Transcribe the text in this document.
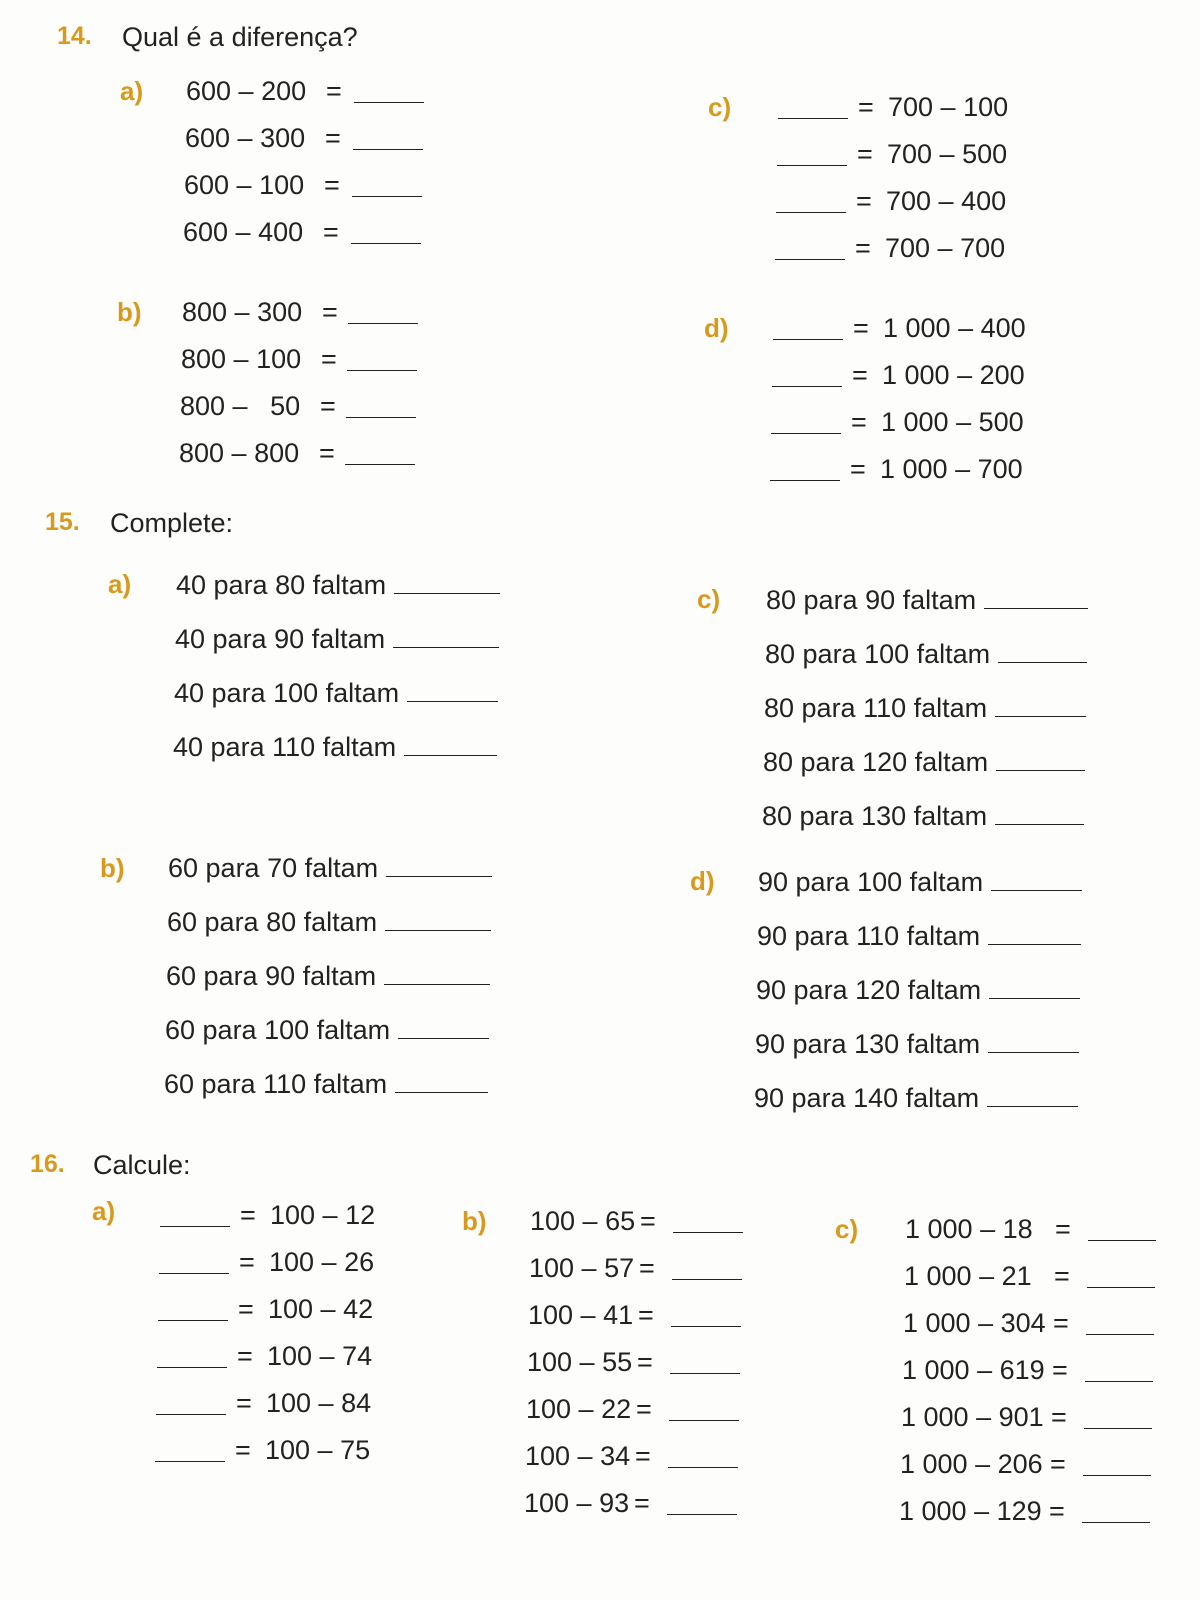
14. Qual é a diferença?
a)
b)
c)
d)
600 – 200 =
600 – 300 =
600 – 100 =
600 – 400 =
800 – 300 =
800 – 100 =
800 –   50 =
800 – 800 =
= 700 – 100
= 700 – 500
= 700 – 400
= 700 – 700
= 1 000 – 400
= 1 000 – 200
= 1 000 – 500
= 1 000 – 700
15. Complete:
a)
b)
c)
d)
40 para 80 faltam
40 para 90 faltam
40 para 100 faltam
40 para 110 faltam
60 para 70 faltam
60 para 80 faltam
60 para 90 faltam
60 para 100 faltam
60 para 110 faltam
80 para 90 faltam
80 para 100 faltam
80 para 110 faltam
80 para 120 faltam
80 para 130 faltam
90 para 100 faltam
90 para 110 faltam
90 para 120 faltam
90 para 130 faltam
90 para 140 faltam
16. Calcule:
a)	b)	c)
= 100 – 12
= 100 – 26
= 100 – 42
= 100 – 74
= 100 – 84
= 100 – 75
100 – 65 =
100 – 57 =
100 – 41 =
100 – 55 =
100 – 22 =
100 – 34 =
100 – 93 =
1 000 – 18 =
1 000 – 21 =
1 000 – 304 =
1 000 – 619 =
1 000 – 901 =
1 000 – 206 =
1 000 – 129 =
